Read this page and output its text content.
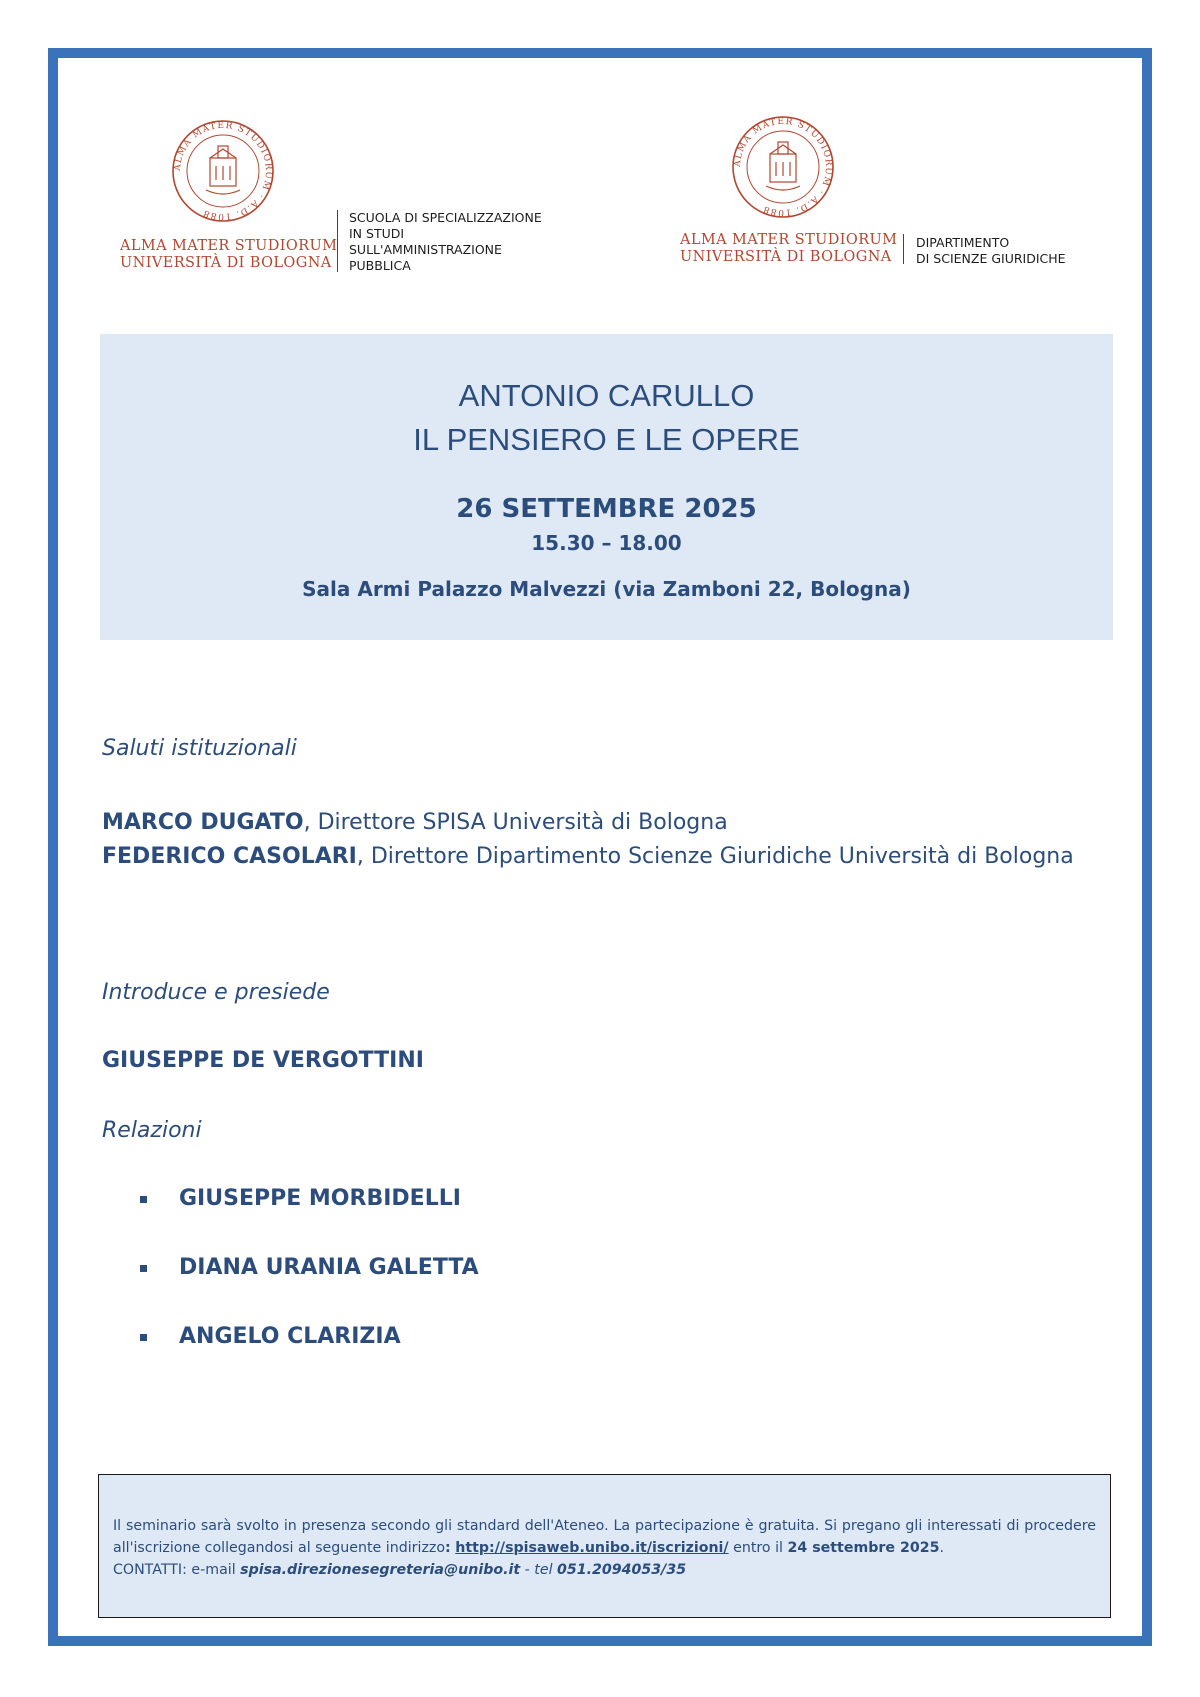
ALMA MATER STUDIORUM · A.D. 1088
ALMA MATER STUDIORUM
UNIVERSITÀ DI BOLOGNA
SCUOLA DI SPECIALIZZAZIONE
IN STUDI
SULL'AMMINISTRAZIONE
PUBBLICA
ALMA MATER STUDIORUM · A.D. 1088
ALMA MATER STUDIORUM
UNIVERSITÀ DI BOLOGNA
DIPARTIMENTO
DI SCIENZE GIURIDICHE
ANTONIO CARULLO
IL PENSIERO E LE OPERE
26 SETTEMBRE 2025
15.30 – 18.00
Sala Armi Palazzo Malvezzi (via Zamboni 22, Bologna)
Saluti istituzionali

MARCO DUGATO, Direttore SPISA Università di Bologna

FEDERICO CASOLARI, Direttore Dipartimento Scienze Giuridiche Università di Bologna

Introduce e presiede
GIUSEPPE DE VERGOTTINI
Relazioni
GIUSEPPE MORBIDELLI
DIANA URANIA GALETTA
ANGELO CLARIZIA

Il seminario sarà svolto in presenza secondo gli standard dell'Ateneo. La partecipazione è gratuita. Si pregano gli interessati di procedere all'iscrizione collegandosi al seguente indirizzo: http://spisaweb.unibo.it/iscrizioni/ entro il 24 settembre 2025.

CONTATTI: e-mail spisa.direzionesegreteria@unibo.it - tel 051.2094053/35
